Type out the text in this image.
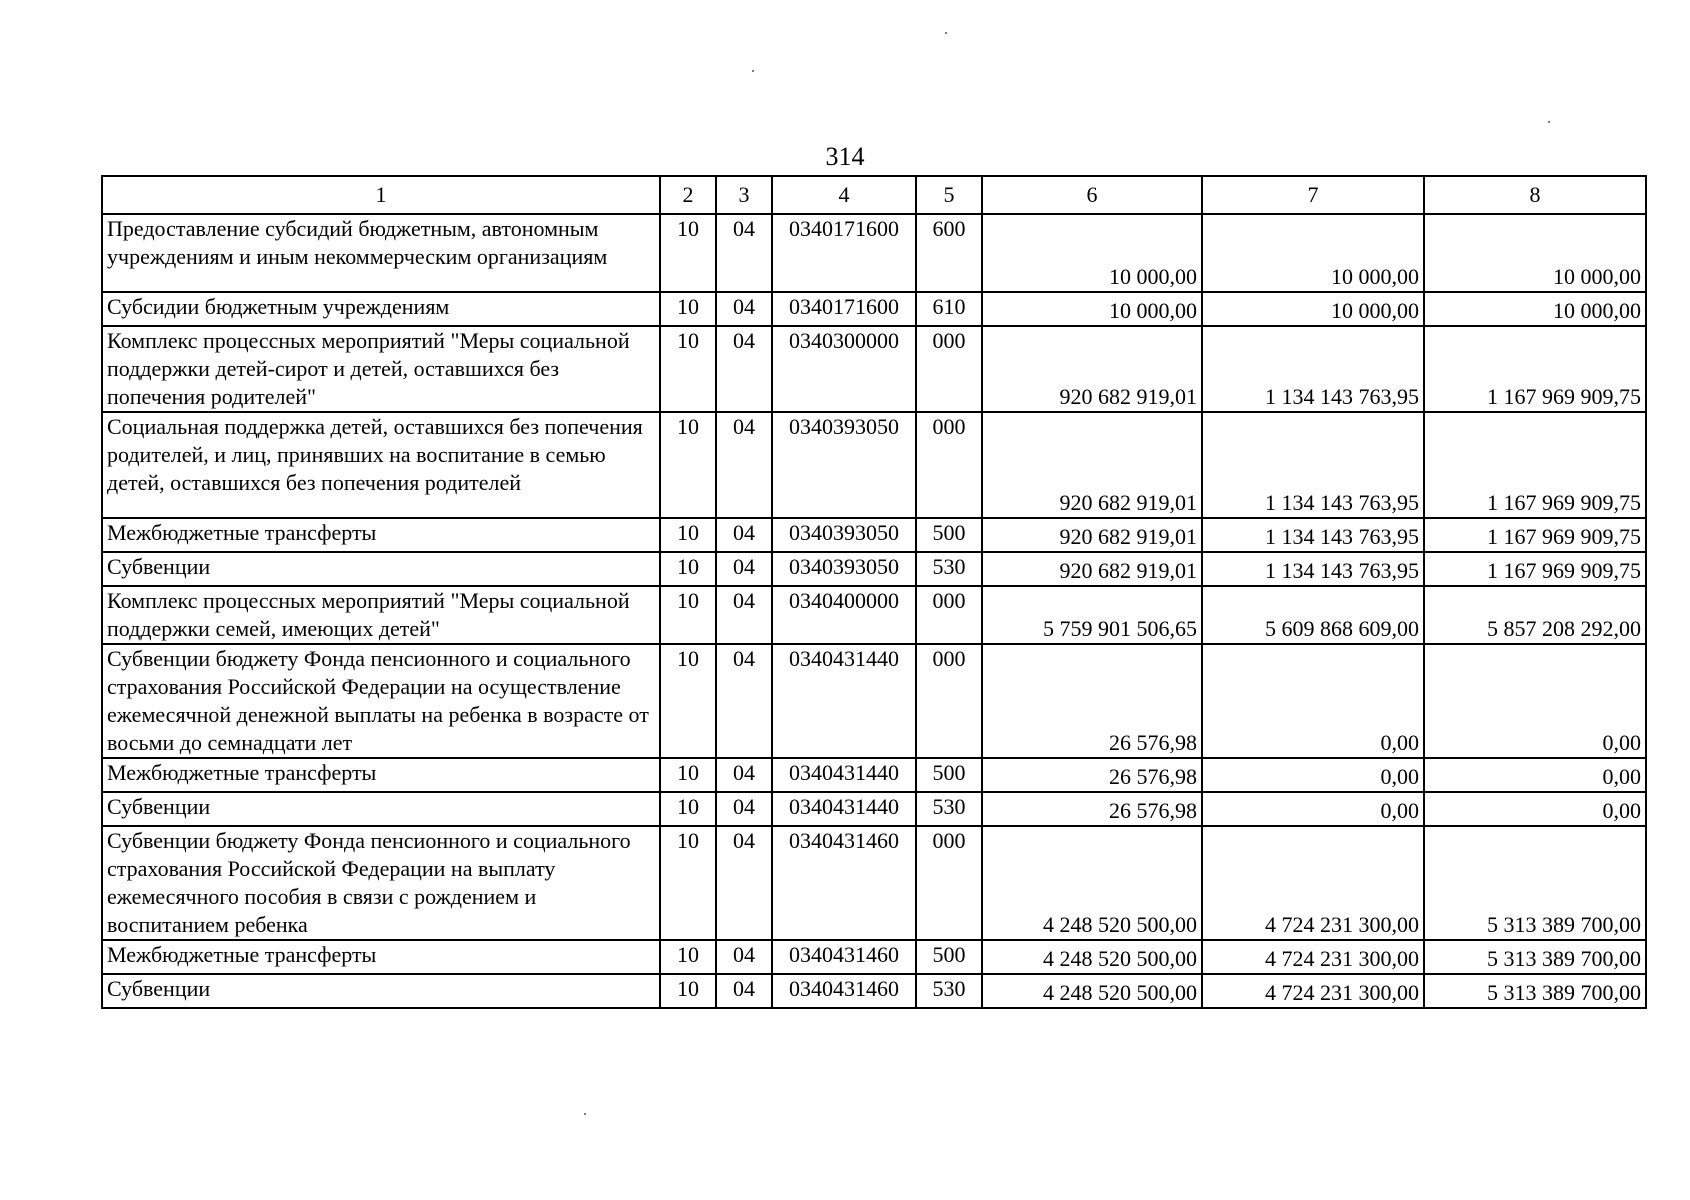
314
1	2	3	4	5	6	7	8
Предоставление субсидий бюджетным, автономным учреждениям и иным некоммерческим организациям	10	04	0340171600	600	10 000,00	10 000,00	10 000,00
Субсидии бюджетным учреждениям	10	04	0340171600	610	10 000,00	10 000,00	10 000,00
Комплекс процессных мероприятий "Меры социальной поддержки детей-сирот и детей, оставшихся без попечения родителей"	10	04	0340300000	000	920 682 919,01	1 134 143 763,95	1 167 969 909,75
Социальная поддержка детей, оставшихся без попечения родителей, и лиц, принявших на воспитание в семью детей, оставшихся без попечения родителей	10	04	0340393050	000	920 682 919,01	1 134 143 763,95	1 167 969 909,75
Межбюджетные трансферты	10	04	0340393050	500	920 682 919,01	1 134 143 763,95	1 167 969 909,75
Субвенции	10	04	0340393050	530	920 682 919,01	1 134 143 763,95	1 167 969 909,75
Комплекс процессных мероприятий "Меры социальной поддержки семей, имеющих детей"	10	04	0340400000	000	5 759 901 506,65	5 609 868 609,00	5 857 208 292,00
Субвенции бюджету Фонда пенсионного и социального страхования Российской Федерации на осуществление ежемесячной денежной выплаты на ребенка в возрасте от восьми до семнадцати лет	10	04	0340431440	000	26 576,98	0,00	0,00
Межбюджетные трансферты	10	04	0340431440	500	26 576,98	0,00	0,00
Субвенции	10	04	0340431440	530	26 576,98	0,00	0,00
Субвенции бюджету Фонда пенсионного и социального страхования Российской Федерации на выплату ежемесячного пособия в связи с рождением и воспитанием ребенка	10	04	0340431460	000	4 248 520 500,00	4 724 231 300,00	5 313 389 700,00
Межбюджетные трансферты	10	04	0340431460	500	4 248 520 500,00	4 724 231 300,00	5 313 389 700,00
Субвенции	10	04	0340431460	530	4 248 520 500,00	4 724 231 300,00	5 313 389 700,00
